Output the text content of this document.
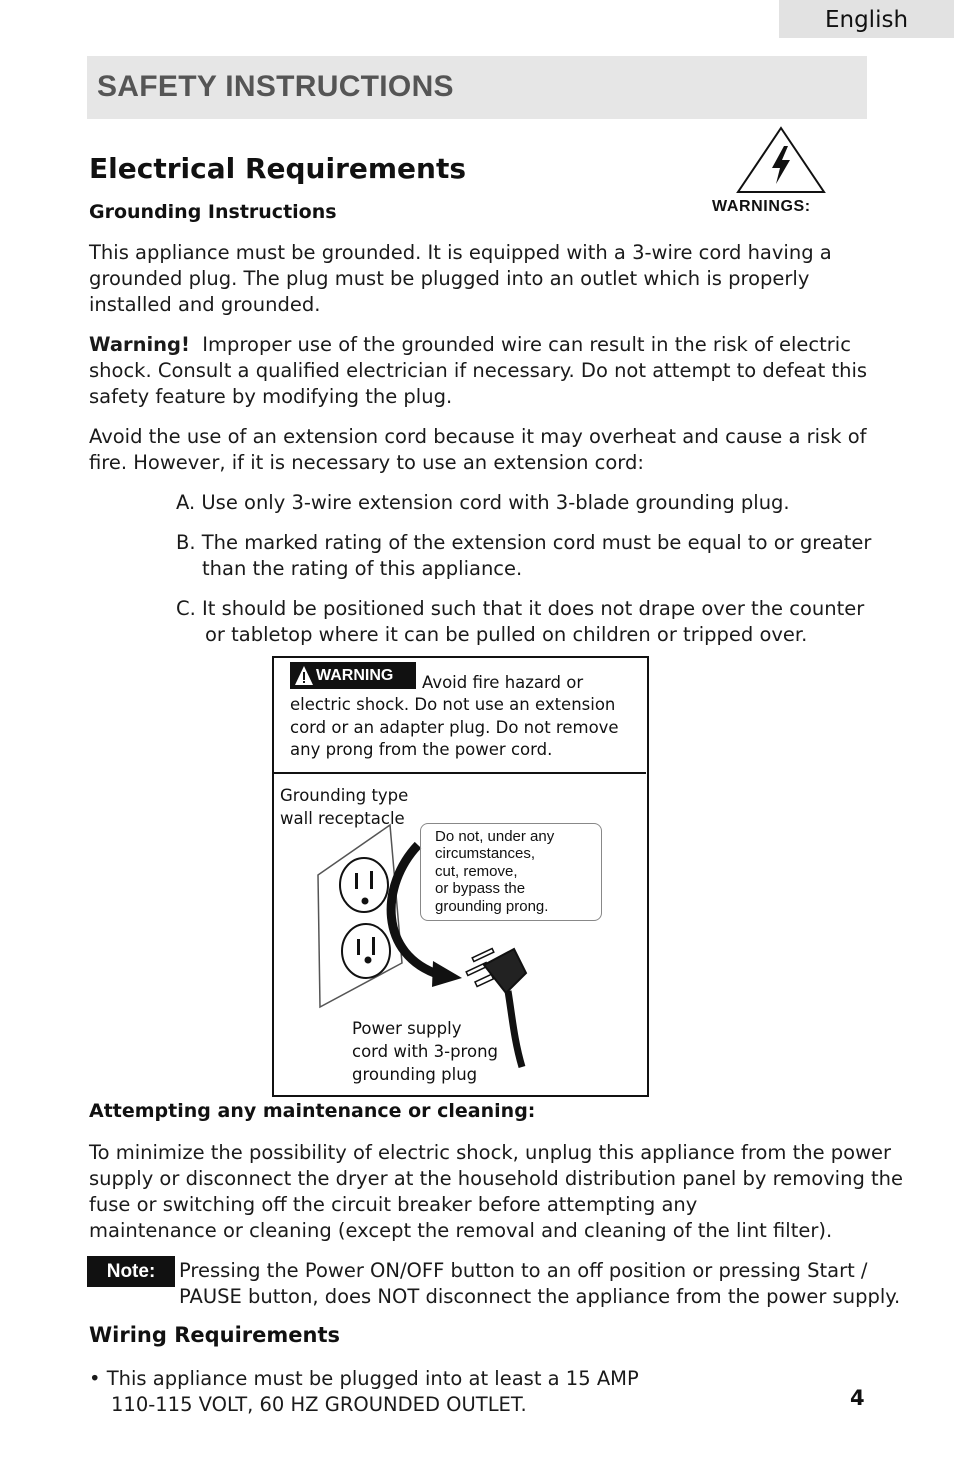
English
SAFETY INSTRUCTIONS
Electrical Requirements
WARNINGS:
Grounding Instructions
This appliance must be grounded. It is equipped with a 3-wire cord having a grounded plug. The plug must be plugged into an outlet which is properly installed and grounded.
Warning! Improper use of the grounded wire can result in the risk of electric shock. Consult a qualified electrician if necessary. Do not attempt to defeat this safety feature by modifying the plug.
Avoid the use of an extension cord because it may overheat and cause a risk of fire. However, if it is necessary to use an extension cord:
A. Use only 3-wire extension cord with 3-blade grounding plug.
B. The marked rating of the extension cord must be equal to or greater
than the rating of this appliance.
C. It should be positioned such that it does not drape over the counter
or tabletop where it can be pulled on children or tripped over.
WARNING Avoid fire hazard or
electric shock. Do not use an extension
cord or an adapter plug. Do not remove
any prong from the power cord.
Grounding type
wall receptacle
Do not, under any
circumstances,
cut, remove,
or bypass the
grounding prong.
Power supply
cord with 3-prong
grounding plug
Attempting any maintenance or cleaning:
To minimize the possibility of electric shock, unplug this appliance from the power
supply or disconnect the dryer at the household distribution panel by removing the
fuse or switching off the circuit breaker before attempting any
maintenance or cleaning (except the removal and cleaning of the lint filter).
Note:	Pressing the Power ON/OFF button to an off position or pressing Start /
PAUSE button, does NOT disconnect the appliance from the power supply.
Wiring Requirements
• This appliance must be plugged into at least a 15 AMP
110-115 VOLT, 60 HZ GROUNDED OUTLET.	4
